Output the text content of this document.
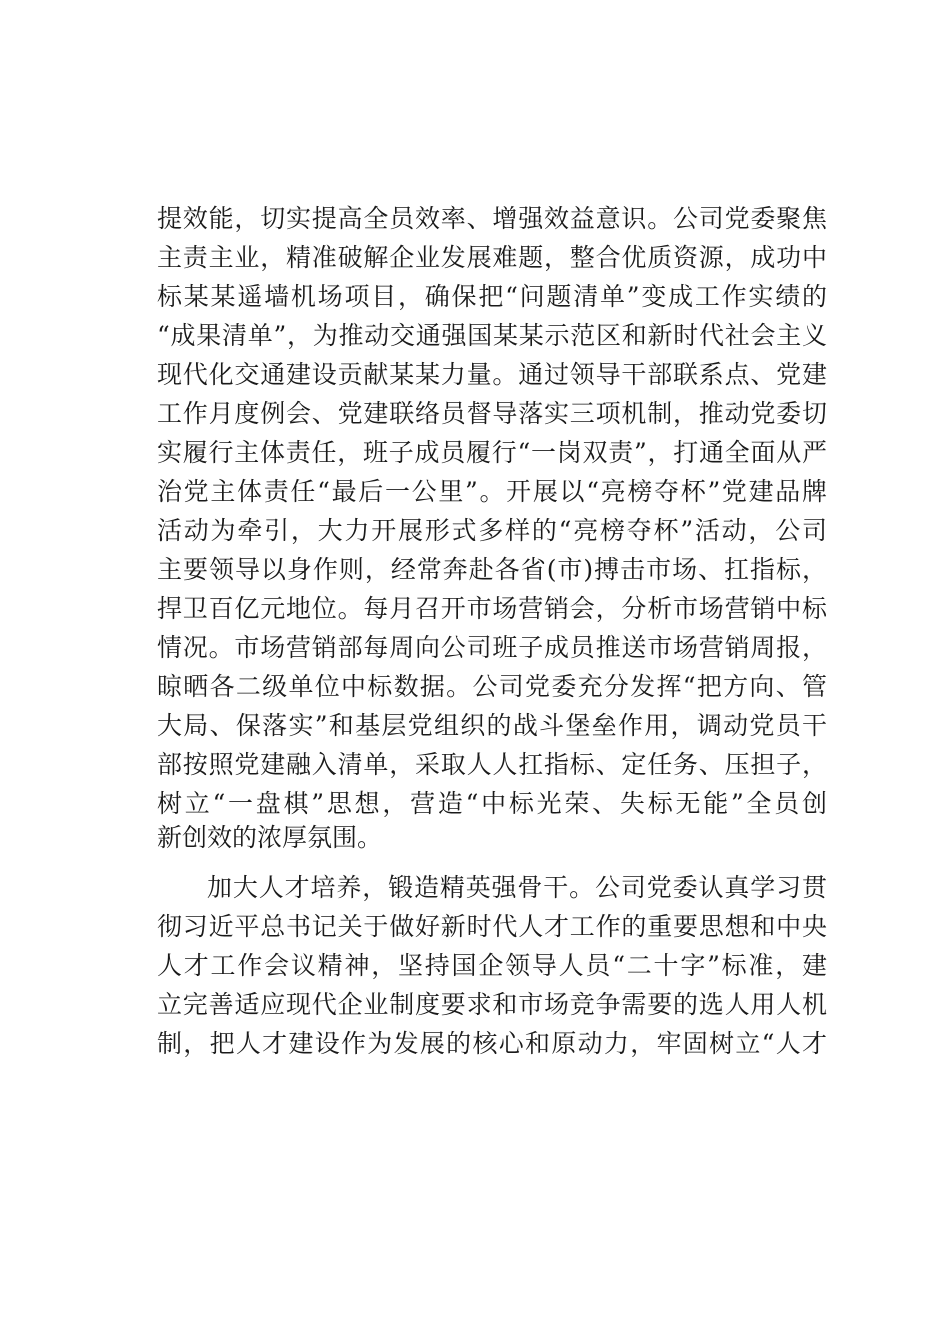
提效能，切实提高全员效率、增强效益意识。公司党委聚焦
主责主业，精准破解企业发展难题，整合优质资源，成功中
标某某遥墙机场项目，确保把“问题清单”变成工作实绩的
“成果清单”，为推动交通强国某某示范区和新时代社会主义
现代化交通建设贡献某某力量。通过领导干部联系点、党建
工作月度例会、党建联络员督导落实三项机制，推动党委切
实履行主体责任，班子成员履行“一岗双责”，打通全面从严
治党主体责任“最后一公里”。开展以“亮榜夺杯”党建品牌
活动为牵引，大力开展形式多样的“亮榜夺杯”活动，公司
主要领导以身作则，经常奔赴各省(市)搏击市场、扛指标，
捍卫百亿元地位。每月召开市场营销会，分析市场营销中标
情况。市场营销部每周向公司班子成员推送市场营销周报，
晾晒各二级单位中标数据。公司党委充分发挥“把方向、管
大局、保落实”和基层党组织的战斗堡垒作用，调动党员干
部按照党建融入清单，采取人人扛指标、定任务、压担子，
树立“一盘棋”思想，营造“中标光荣、失标无能”全员创
新创效的浓厚氛围。
加大人才培养，锻造精英强骨干。公司党委认真学习贯
彻习近平总书记关于做好新时代人才工作的重要思想和中央
人才工作会议精神，坚持国企领导人员“二十字”标准，建
立完善适应现代企业制度要求和市场竞争需要的选人用人机
制，把人才建设作为发展的核心和原动力，牢固树立“人才
